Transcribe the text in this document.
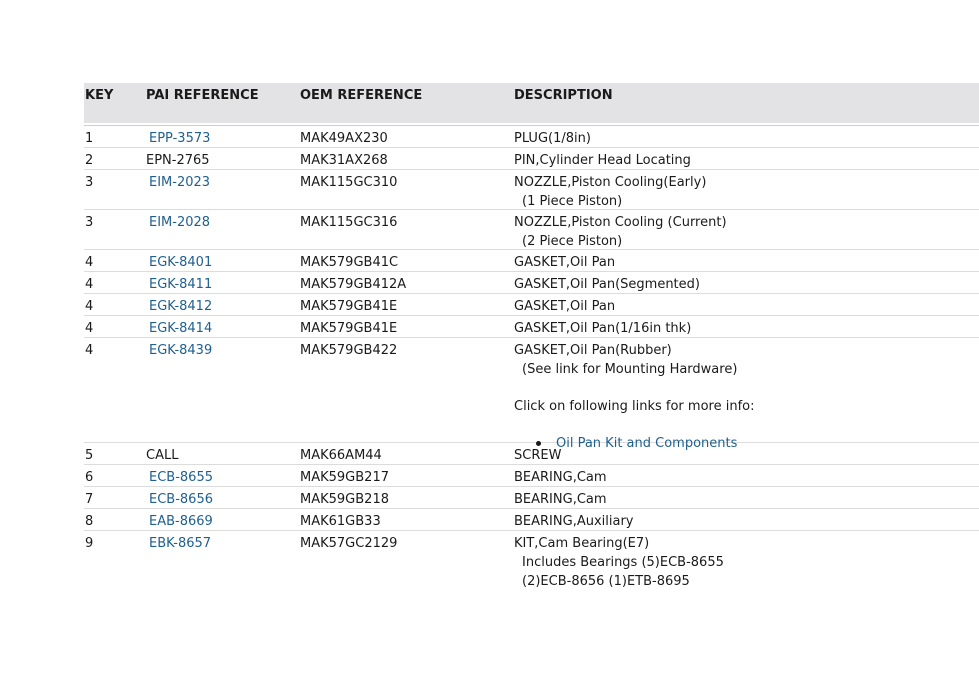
KEY	PAI REFERENCE	OEM REFERENCE	DESCRIPTION
1	EPP-3573	MAK49AX230	PLUG(1/8in)
2	EPN-2765	MAK31AX268	PIN,Cylinder Head Locating
3	EIM-2023	MAK115GC310	NOZZLE,Piston Cooling(Early)
(1 Piece Piston)
3	EIM-2028	MAK115GC316	NOZZLE,Piston Cooling (Current)
(2 Piece Piston)
4	EGK-8401	MAK579GB41C	GASKET,Oil Pan
4	EGK-8411	MAK579GB412A	GASKET,Oil Pan(Segmented)
4	EGK-8412	MAK579GB41E	GASKET,Oil Pan
4	EGK-8414	MAK579GB41E	GASKET,Oil Pan(1/16in thk)
4	EGK-8439	MAK579GB422	GASKET,Oil Pan(Rubber)
(See link for Mounting Hardware)
Click on following links for more info:
Oil Pan Kit and Components
5	CALL	MAK66AM44	SCREW
6	ECB-8655	MAK59GB217	BEARING,Cam
7	ECB-8656	MAK59GB218	BEARING,Cam
8	EAB-8669	MAK61GB33	BEARING,Auxiliary
9	EBK-8657	MAK57GC2129	KIT,Cam Bearing(E7)
Includes Bearings (5)ECB-8655
(2)ECB-8656 (1)ETB-8695
